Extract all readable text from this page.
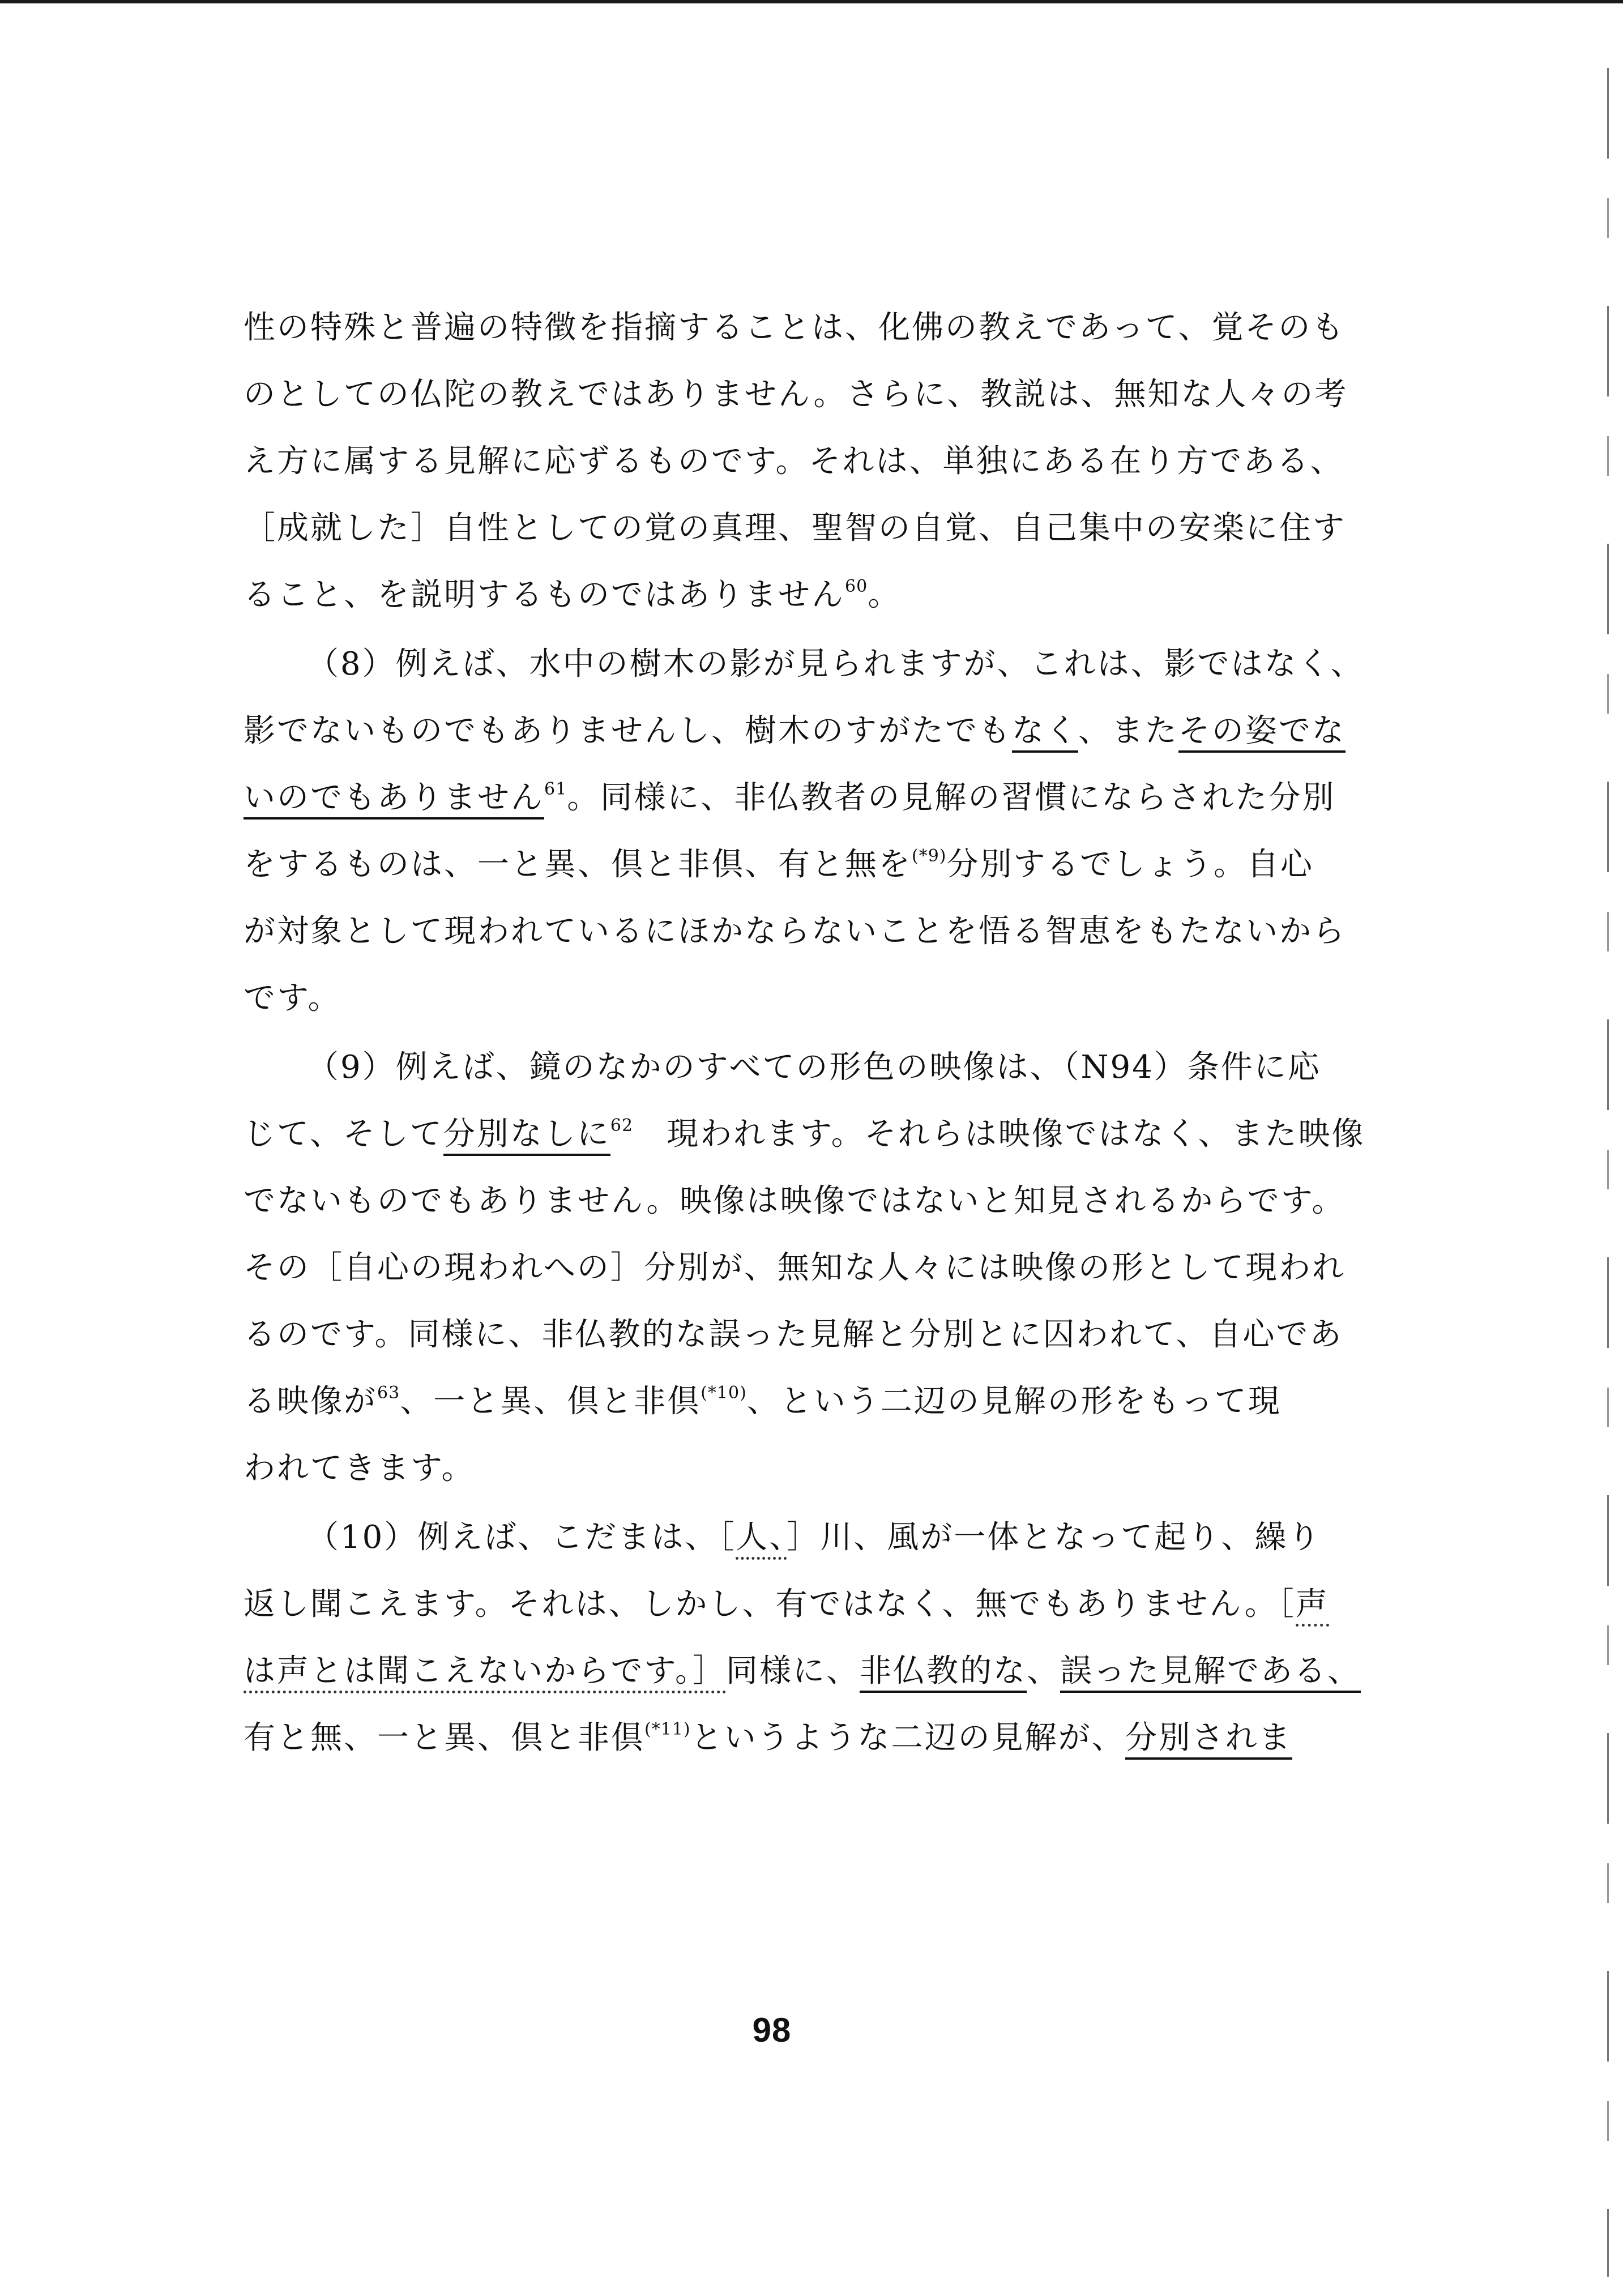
性の特殊と普遍の特徴を指摘することは、化佛の教えであって、覚そのも
のとしての仏陀の教えではありません。さらに、教説は、無知な人々の考
え方に属する見解に応ずるものです。それは、単独にある在り方である、
［成就した］自性としての覚の真理、聖智の自覚、自己集中の安楽に住す
ること、を説明するものではありません$^{60}$。
（8）例えば、水中の樹木の影が見られますが、これは、影ではなく、
影でないものでもありませんし、樹木のすがたでもなく、またその姿でな
いのでもありません$^{61}$。同様に、非仏教者の見解の習慣にならされた分別
をするものは、一と異、倶と非倶、有と無を$^{(*9)}$分別するでしょう。自心
が対象として現われているにほかならないことを悟る智恵をもたないから
です。
（9）例えば、鏡のなかのすべての形色の映像は、（N94）条件に応
じて、そして分別なしに$^{62}$　現われます。それらは映像ではなく、また映像
でないものでもありません。映像は映像ではないと知見されるからです。
その［自心の現われへの］分別が、無知な人々には映像の形として現われ
るのです。同様に、非仏教的な誤った見解と分別とに囚われて、自心であ
る映像が$^{63}$、一と異、倶と非倶$^{(*10)}$、という二辺の見解の形をもって現
われてきます。
（10）例えば、こだまは、［人、］川、風が一体となって起り、繰り
返し聞こえます。それは、しかし、有ではなく、無でもありません。［声
は声とは聞こえないからです。］同様に、非仏教的な、誤った見解である、
有と無、一と異、倶と非倶$^{(*11)}$というような二辺の見解が、分別されま
98
